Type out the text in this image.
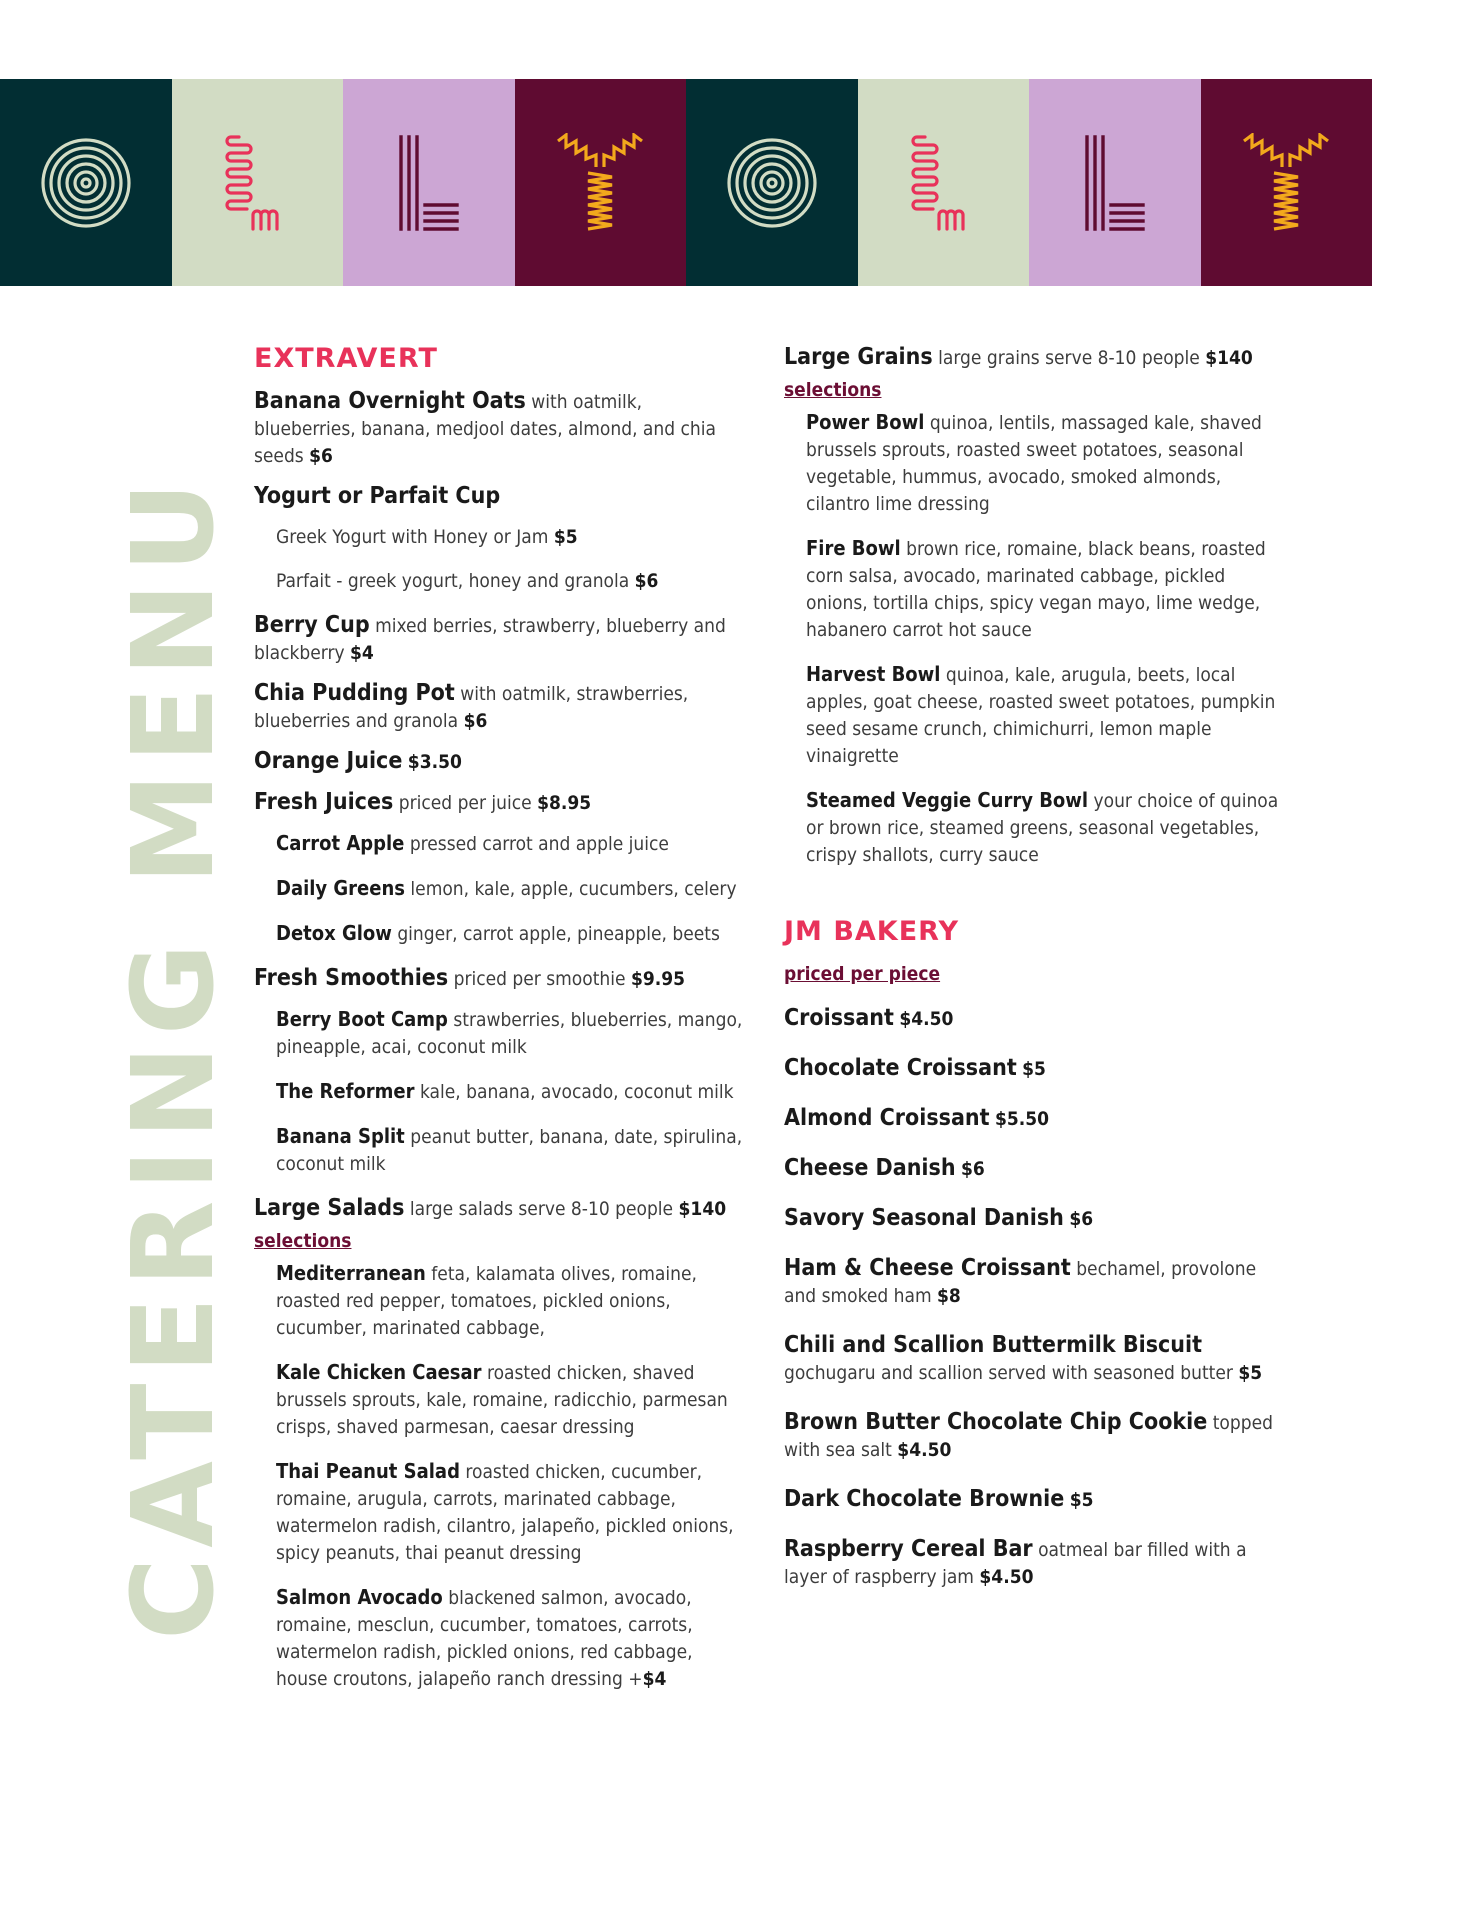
CATERING MENU
EXTRAVERT
Banana Overnight Oats with oatmilk, blueberries, banana, medjool dates, almond, and chia seeds $6
Yogurt or Parfait Cup
Greek Yogurt with Honey or Jam $5
Parfait - greek yogurt, honey and granola $6
Berry Cup mixed berries, strawberry, blueberry and blackberry $4
Chia Pudding Pot with oatmilk, strawberries, blueberries and granola $6
Orange Juice $3.50
Fresh Juices priced per juice $8.95
Carrot Apple pressed carrot and apple juice
Daily Greens lemon, kale, apple, cucumbers, celery
Detox Glow ginger, carrot apple, pineapple, beets
Fresh Smoothies priced per smoothie $9.95
Berry Boot Camp strawberries, blueberries, mango, pineapple, acai, coconut milk
The Reformer kale, banana, avocado, coconut milk
Banana Split peanut butter, banana, date, spirulina, coconut milk
Large Salads large salads serve 8-10 people $140
selections
Mediterranean feta, kalamata olives, romaine, roasted red pepper, tomatoes, pickled onions, cucumber, marinated cabbage,
Kale Chicken Caesar roasted chicken, shaved brussels sprouts, kale, romaine, radicchio, parmesan crisps, shaved parmesan, caesar dressing
Thai Peanut Salad roasted chicken, cucumber, romaine, arugula, carrots, marinated cabbage, watermelon radish, cilantro, jalapeño, pickled onions, spicy peanuts, thai peanut dressing
Salmon Avocado blackened salmon, avocado, romaine, mesclun, cucumber, tomatoes, carrots, watermelon radish, pickled onions, red cabbage, house croutons, jalapeño ranch dressing +$4
Large Grains large grains serve 8-10 people $140
selections
Power Bowl quinoa, lentils, massaged kale, shaved brussels sprouts, roasted sweet potatoes, seasonal vegetable, hummus, avocado, smoked almonds, cilantro lime dressing
Fire Bowl brown rice, romaine, black beans, roasted corn salsa, avocado, marinated cabbage, pickled onions, tortilla chips, spicy vegan mayo, lime wedge, habanero carrot hot sauce
Harvest Bowl quinoa, kale, arugula, beets, local apples, goat cheese, roasted sweet potatoes, pumpkin seed sesame crunch, chimichurri, lemon maple vinaigrette
Steamed Veggie Curry Bowl your choice of quinoa or brown rice, steamed greens, seasonal vegetables, crispy shallots, curry sauce
JM BAKERY
priced per piece
Croissant $4.50
Chocolate Croissant $5
Almond Croissant $5.50
Cheese Danish $6
Savory Seasonal Danish $6
Ham & Cheese Croissant bechamel, provolone and smoked ham $8
Chili and Scallion Buttermilk Biscuit gochugaru and scallion served with seasoned butter $5
Brown Butter Chocolate Chip Cookie topped with sea salt $4.50
Dark Chocolate Brownie $5
Raspberry Cereal Bar oatmeal bar filled with a layer of raspberry jam $4.50
